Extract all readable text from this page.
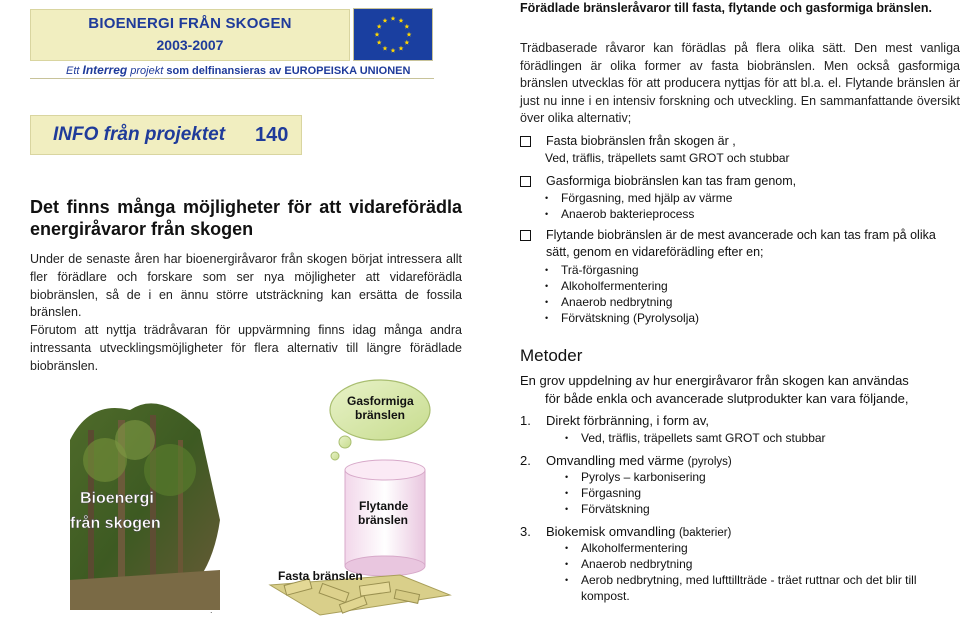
BIOENERGI FRÅN SKOGEN
2003-2007
Ett Interreg projekt som delfinansieras av EUROPEISKA UNIONEN
INFO från projektet 140
Det finns många möjligheter för att vidareförädla energiråvaror från skogen

Under de senaste åren har bioenergiråvaror från skogen börjat intressera allt fler förädlare och forskare som ser nya möjligheter att vidareförädla biobränslen, så de i en ännu större utsträckning kan ersätta de fossila bränslen.

Förutom att nyttja trädråvaran för uppvärmning finns idag många andra intressanta utvecklingsmöjligheter för flera alternativ till längre förädlade biobränslen.

Bioenergi
från skogen
Gasformiga
bränslen
Flytande
bränslen
Fasta bränslen
.
Förädlade bränsleråvaror till fasta, flytande och gasformiga bränslen.
Trädbaserade råvaror kan förädlas på flera olika sätt. Den mest vanliga förädlingen är olika former av fasta biobränslen. Men också gasformiga bränslen utvecklas för att producera nyttjas för att bl.a. el. Flytande bränslen är just nu inne i en intensiv forskning och utveckling. En sammanfattande översikt över olika alternativ;
Fasta biobränslen från skogen är ,
Ved, träflis, träpellets samt GROT och stubbar
Gasformiga biobränslen kan tas fram genom,
• Förgasning, med hjälp av värme
• Anaerob bakterieprocess
Flytande biobränslen är de mest avancerade och kan tas fram på olika sätt, genom en vidareförädling efter en;
• Trä-förgasning
• Alkoholfermentering
• Anaerob nedbrytning
• Förvätskning (Pyrolysolja)
Metoder
En grov uppdelning av hur energiråvaror från skogen kan användas
för både enkla och avancerade slutprodukter kan vara följande,
1. Direkt förbränning, i form av,
• Ved, träflis, träpellets samt GROT och stubbar
2. Omvandling med värme (pyrolys)
• Pyrolys – karbonisering
• Förgasning
• Förvätskning
3. Biokemisk omvandling (bakterier)
• Alkoholfermentering
• Anaerob nedbrytning
• Aerob nedbrytning, med lufttillträde - träet ruttnar och det blir till kompost.
